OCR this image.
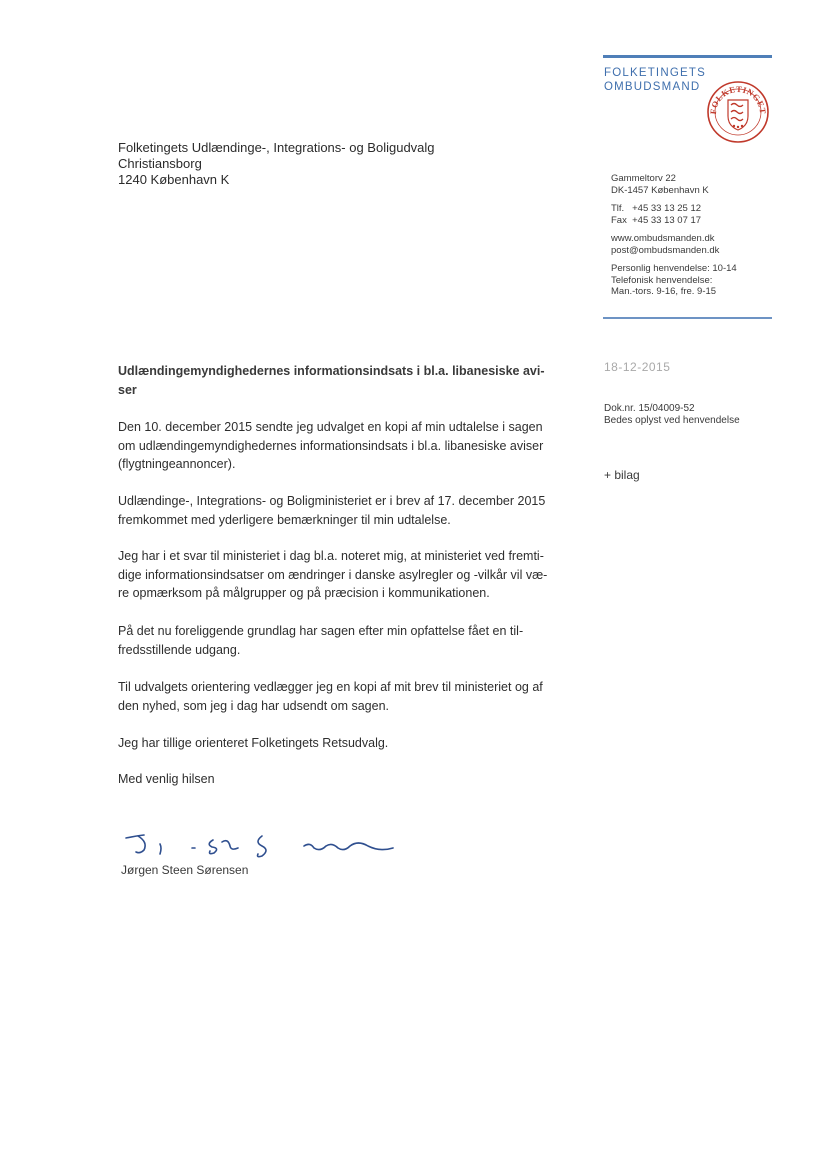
FOLKETINGETS
OMBUDSMAND
FOLKETINGET
Folketingets Udlændinge-, Integrations- og Boligudvalg
Christiansborg
1240 København K	Gammeltorv 22
DK-1457 København K
Tlf.   +45 33 13 25 12
Fax  +45 33 13 07 17
www.ombudsmanden.dk
post@ombudsmanden.dk
Personlig henvendelse: 10-14
Telefonisk henvendelse:
Man.-tors. 9-16, fre. 9-15
18-12-2015
Dok.nr. 15/04009-52
Bedes oplyst ved henvendelse
+ bilag
Udlændingemyndighedernes informationsindsats i bl.a. libanesiske avi-
ser

Den 10. december 2015 sendte jeg udvalget en kopi af min udtalelse i sagen

om udlændingemyndighedernes informationsindsats i bl.a. libanesiske aviser

(flygtningeannoncer).

Udlændinge-, Integrations- og Boligministeriet er i brev af 17. december 2015

fremkommet med yderligere bemærkninger til min udtalelse.

Jeg har i et svar til ministeriet i dag bl.a. noteret mig, at ministeriet ved fremti-

dige informationsindsatser om ændringer i danske asylregler og -vilkår vil væ-

re opmærksom på målgrupper og på præcision i kommunikationen.

På det nu foreliggende grundlag har sagen efter min opfattelse fået en til-

fredsstillende udgang.

Til udvalgets orientering vedlægger jeg en kopi af mit brev til ministeriet og af

den nyhed, som jeg i dag har udsendt om sagen.

Jeg har tillige orienteret Folketingets Retsudvalg.

Med venlig hilsen

Jørgen Steen Sørensen
